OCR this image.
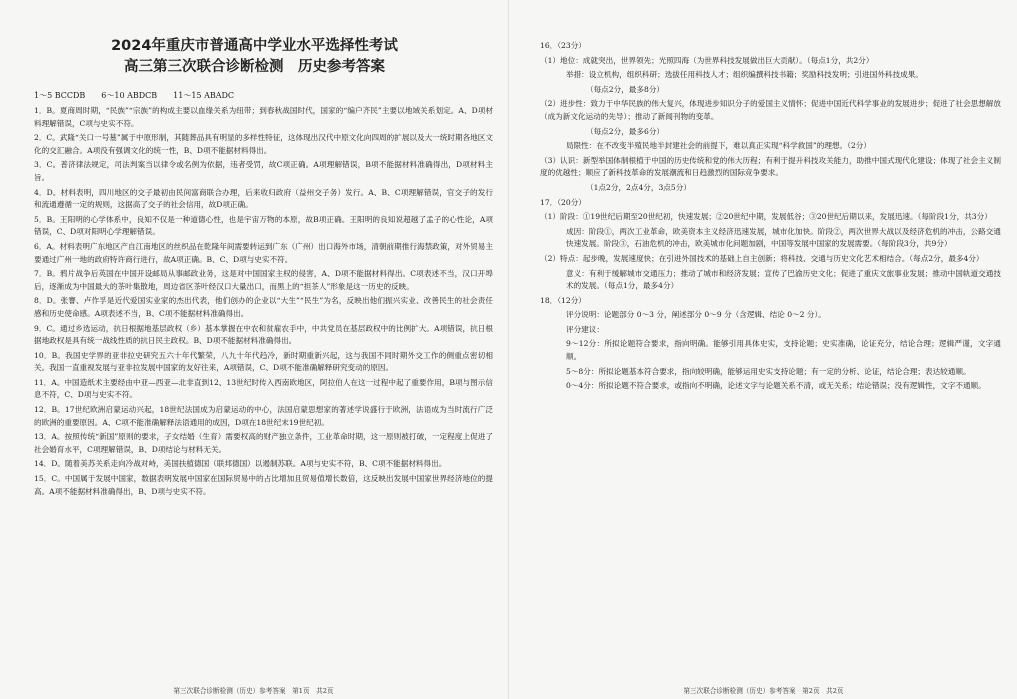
2024年重庆市普通高中学业水平选择性考试
高三第三次联合诊断检测　历史参考答案
1～5 BCCDB　　6～10 ABDCB　　11～15 ABADC
1．B。夏商周时期，“民族”“宗族”的构成主要以血缘关系为纽带；到春秋战国时代，国家的“编户齐民”主要以地域关系划定。A、D项材料理解错误，C项与史实不符。
2．C。武隆“关口一号墓”属于中原形制，其随葬品具有明显的多样性特征，这体现出汉代中原文化向四周的扩展以及大一统时期各地区文化的交汇融合。A项没有强调文化的统一性，B、D项不能据材料得出。
3．C。普济律法规定，司法判案当以律令或名例为依据，违者受罚，故C项正确。A项理解错误，B项不能据材料准确得出，D项材料主旨。
4．D。材料表明，四川地区的交子最初由民间富商联合办理，后来收归政府（益州交子务）发行。A、B、C项理解错误，官交子的发行和流通遵循一定的规则，这据高了交子的社会信用，故D项正确。
5．B。王阳明的心学体系中，良知不仅是一种道德心性，也是宇宙万物的本原，故B项正确。王阳明的良知说超越了孟子的心性论，A项错误，C、D项对阳明心学理解错误。
6．A。材料表明广东地区产自江南地区的丝织品在乾隆年间需要转运到广东（广州）出口海外市场，清朝前期推行海禁政策，对外贸易主要通过广州一地的政府特许商行进行，故A项正确。B、C、D项与史实不符。
7．B。鸦片战争后英国在中国开设邮局从事邮政业务，这是对中国国家主权的侵害，A、D项不能据材料得出。C项表述不当，汉口开埠后，逐渐成为中国最大的茶叶集散地，周边省区茶叶经汉口大量出口，而黑上的“担茶人”形象是这一历史的反映。
8．D。张謇、卢作孚是近代爱国实业家的杰出代表，他们创办的企业以“大生”“民生”为名，反映出他们振兴实业、改善民生的社会责任感和历史使命感。A项表述不当，B、C项不能据材料准确得出。
9．C。通过乡选运动，抗日根据地基层政权（乡）基本掌握在中农和贫雇农手中，中共党员在基层政权中的比例扩大。A项错误，抗日根据地政权是具有统一战线性质的抗日民主政权。B、D项不能据材料准确得出。
10．B。我国史学界的亚非拉史研究五六十年代繁荣，八九十年代趋冷，新时期重新兴起，这与我国不同时期外交工作的侧重点密切相关。我国一直重视发展与亚非拉发展中国家的友好往来，A项错误，C、D项不能准确解释研究变动的原因。
11．A。中国造纸术主要经由中亚—西亚—北非直到12、13世纪时传入西南欧地区，阿拉伯人在这一过程中起了重要作用，B项与图示信息不符，C、D项与史实不符。
12．B。17世纪欧洲启蒙运动兴起，18世纪法国成为启蒙运动的中心，法国启蒙思想家的著述学说盛行于欧洲，法语成为当时流行广泛的欧洲的重要原因。A、C项不能准确解释法语通用的成因，D项在18世纪末19世纪初。
13．A。按照传统“新国”原则的要求，子女结婚（生育）需要权高的财产独立条件，工业革命时期，这一原则被打破，一定程度上促进了社会婚育水平，C项理解错误，B、D项结论与材料无关。
14．D。随着美苏关系走向冷战对峙，美国扶植德国（联邦德国）以遏制苏联。A项与史实不符，B、C项不能据材料得出。
15．C。中国属于发展中国家，数据表明发展中国家在国际贸易中的占比增加且贸易值增长数倍，这反映出发展中国家世界经济地位的提高。A项不能据材料准确得出，B、D项与史实不符。
16．（23分）
（1）地位：成就突出，世界领先；光照四海（为世界科技发展做出巨大贡献）。（每点1分，共2分）
举措：设立机构，组织科研；选拔任用科技人才；组织编撰科技书籍；奖励科技发明；引进国外科技成果。
（每点2分，最多8分）
（2）进步性：致力于中华民族的伟大复兴，体现进步知识分子的爱国主义情怀；促进中国近代科学事业的发展进步；促进了社会思想解放（成为新文化运动的先导）；推动了新闻刊物的变革。
（每点2分，最多6分）
局限性：在不改变半殖民地半封建社会的前提下，难以真正实现“科学救国”的理想。（2分）
（3）认识：新型举国体制根植于中国的历史传统和党的伟大历程；有利于提升科技攻关能力，助推中国式现代化建设；体现了社会主义制度的优越性；顺应了新科技革命的发展潮流和日趋激烈的国际竞争要求。
（1点2分，2点4分，3点5分）
17．（20分）
（1）阶段：①19世纪后期至20世纪初，快速发展；②20世纪中期，发展低谷；③20世纪后期以来，发展迅速。（每阶段1分，共3分）
成因：阶段①，两次工业革命，欧美资本主义经济迅速发展，城市化加快。阶段②，两次世界大战以及经济危机的冲击，公路交通快速发展。阶段③，石油危机的冲击，欧美城市化问题加剧，中国等发展中国家的发展需要。（每阶段3分，共9分）
（2）特点：起步晚，发展速度快；在引进外国技术的基础上自主创新；将科技、交通与历史文化艺术相结合。（每点2分，最多4分）
意义：有利于缓解城市交通压力；推动了城市和经济发展；宣传了巴渝历史文化；促进了重庆文旅事业发展；推动中国轨道交通技术的发展。（每点1分，最多4分）
18．（12分）
评分说明：论题部分 0～3 分，阐述部分 0～9 分（含逻辑、结论 0～2 分）。
评分建议：
9～12分：所拟论题符合要求，指向明确。能够引用具体史实，支持论题；史实准确，论证充分，结论合理；逻辑严谨，文字通顺。
5～8分：所拟论题基本符合要求，指向较明确，能够运用史实支持论题；有一定的分析、论证，结论合理；表达较通顺。
0～4分：所拟论题不符合要求，或指向不明确，论述文字与论题关系不清，或无关系；结论错误；没有逻辑性，文字不通顺。
第三次联合诊断检测（历史）参考答案　第1页　共2页	第三次联合诊断检测（历史）参考答案　第2页　共2页
